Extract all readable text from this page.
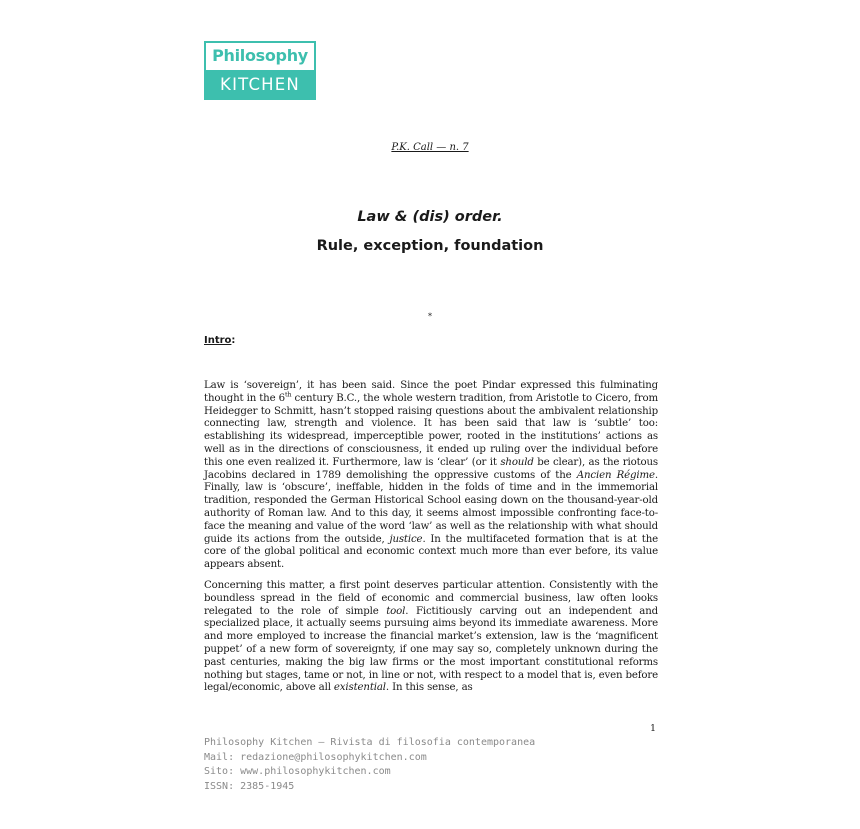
Philosophy
KITCHEN
P.K. Call — n. 7
Law & (dis) order.
Rule, exception, foundation
*
Intro:

Law is ‘sovereign’, it has been said. Since the poet Pindar expressed this fulminating thought in the 6th century B.C., the whole western tradition, from Aristotle to Cicero, from Heidegger to Schmitt, hasn’t stopped raising questions about the ambivalent relationship connecting law, strength and violence. It has been said that law is ‘subtle’ too: establishing its widespread, imperceptible power, rooted in the institutions’ actions as well as in the directions of consciousness, it ended up ruling over the individual before this one even realized it. Furthermore, law is ‘clear’ (or it should be clear), as the riotous Jacobins declared in 1789 demolishing the oppressive customs of the Ancien Régime. Finally, law is ‘obscure’, ineffable, hidden in the folds of time and in the immemorial tradition, responded the German Historical School easing down on the thousand-year-old authority of Roman law. And to this day, it seems almost impossible confronting face-to-face the meaning and value of the word ‘law’ as well as the relationship with what should guide its actions from the outside, justice. In the multifaceted formation that is at the core of the global political and economic context much more than ever before, its value appears absent.

Concerning this matter, a first point deserves particular attention. Consistently with the boundless spread in the field of economic and commercial business, law often looks relegated to the role of simple tool. Fictitiously carving out an independent and specialized place, it actually seems pursuing aims beyond its immediate awareness. More and more employed to increase the financial market’s extension, law is the ‘magnificent puppet’ of a new form of sovereignty, if one may say so, completely unknown during the past centuries, making the big law firms or the most important constitutional reforms nothing but stages, tame or not, in line or not, with respect to a model that is, even before legal/economic, above all existential. In this sense, as

1
Philosophy Kitchen — Rivista di filosofia contemporanea
Mail: redazione@philosophykitchen.com
Sito: www.philosophykitchen.com
ISSN: 2385-1945
